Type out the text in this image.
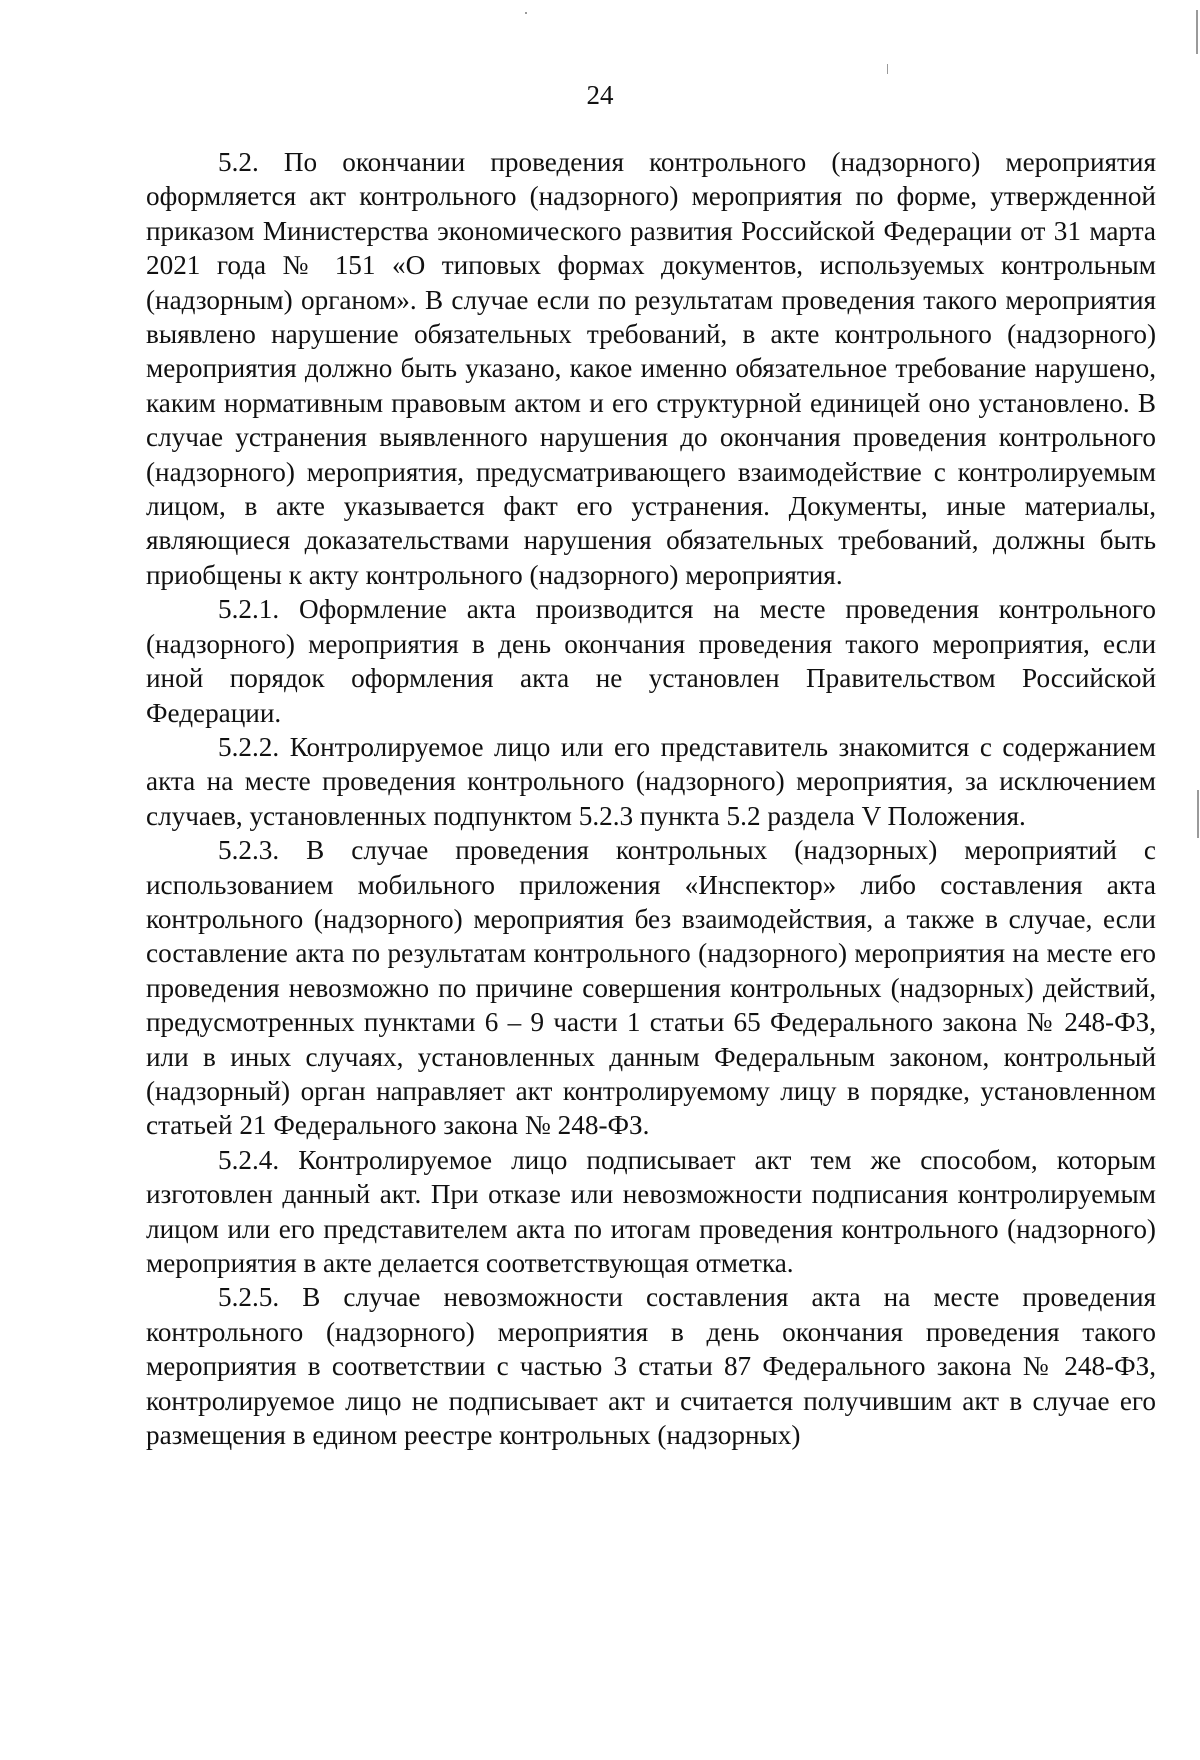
24

5.2. По окончании проведения контрольного (надзорного) мероприятия оформляется акт контрольного (надзорного) мероприятия по форме, утвержденной приказом Министерства экономического развития Российской Федерации от 31 марта 2021 года № 151 «О типовых формах документов, используемых контрольным (надзорным) органом». В случае если по результатам проведения такого мероприятия выявлено нарушение обязательных требований, в акте контрольного (надзорного) мероприятия должно быть указано, какое именно обязательное требование нарушено, каким нормативным правовым актом и его структурной единицей оно установлено. В случае устранения выявленного нарушения до окончания проведения контрольного (надзорного) мероприятия, предусматривающего взаимодействие с контролируемым лицом, в акте указывается факт его устранения. Документы, иные материалы, являющиеся доказательствами нарушения обязательных требований, должны быть приобщены к акту контрольного (надзорного) мероприятия.

5.2.1. Оформление акта производится на месте проведения контрольного (надзорного) мероприятия в день окончания проведения такого мероприятия, если иной порядок оформления акта не установлен Правительством Российской Федерации.

5.2.2. Контролируемое лицо или его представитель знакомится с содержанием акта на месте проведения контрольного (надзорного) мероприятия, за исключением случаев, установленных подпунктом 5.2.3 пункта 5.2 раздела V Положения.

5.2.3. В случае проведения контрольных (надзорных) мероприятий с использованием мобильного приложения «Инспектор» либо составления акта контрольного (надзорного) мероприятия без взаимодействия, а также в случае, если составление акта по результатам контрольного (надзорного) мероприятия на месте его проведения невозможно по причине совершения контрольных (надзорных) действий, предусмотренных пунктами 6 – 9 части 1 статьи 65 Федерального закона № 248-ФЗ, или в иных случаях, установленных данным Федеральным законом, контрольный (надзорный) орган направляет акт контролируемому лицу в порядке, установленном статьей 21 Федерального закона № 248-ФЗ.

5.2.4. Контролируемое лицо подписывает акт тем же способом, которым изготовлен данный акт. При отказе или невозможности подписания контролируемым лицом или его представителем акта по итогам проведения контрольного (надзорного) мероприятия в акте делается соответствующая отметка.

5.2.5. В случае невозможности составления акта на месте проведения контрольного (надзорного) мероприятия в день окончания проведения такого мероприятия в соответствии с частью 3 статьи 87 Федерального закона № 248-ФЗ, контролируемое лицо не подписывает акт и считается получившим акт в случае его размещения в едином реестре контрольных (надзорных)
